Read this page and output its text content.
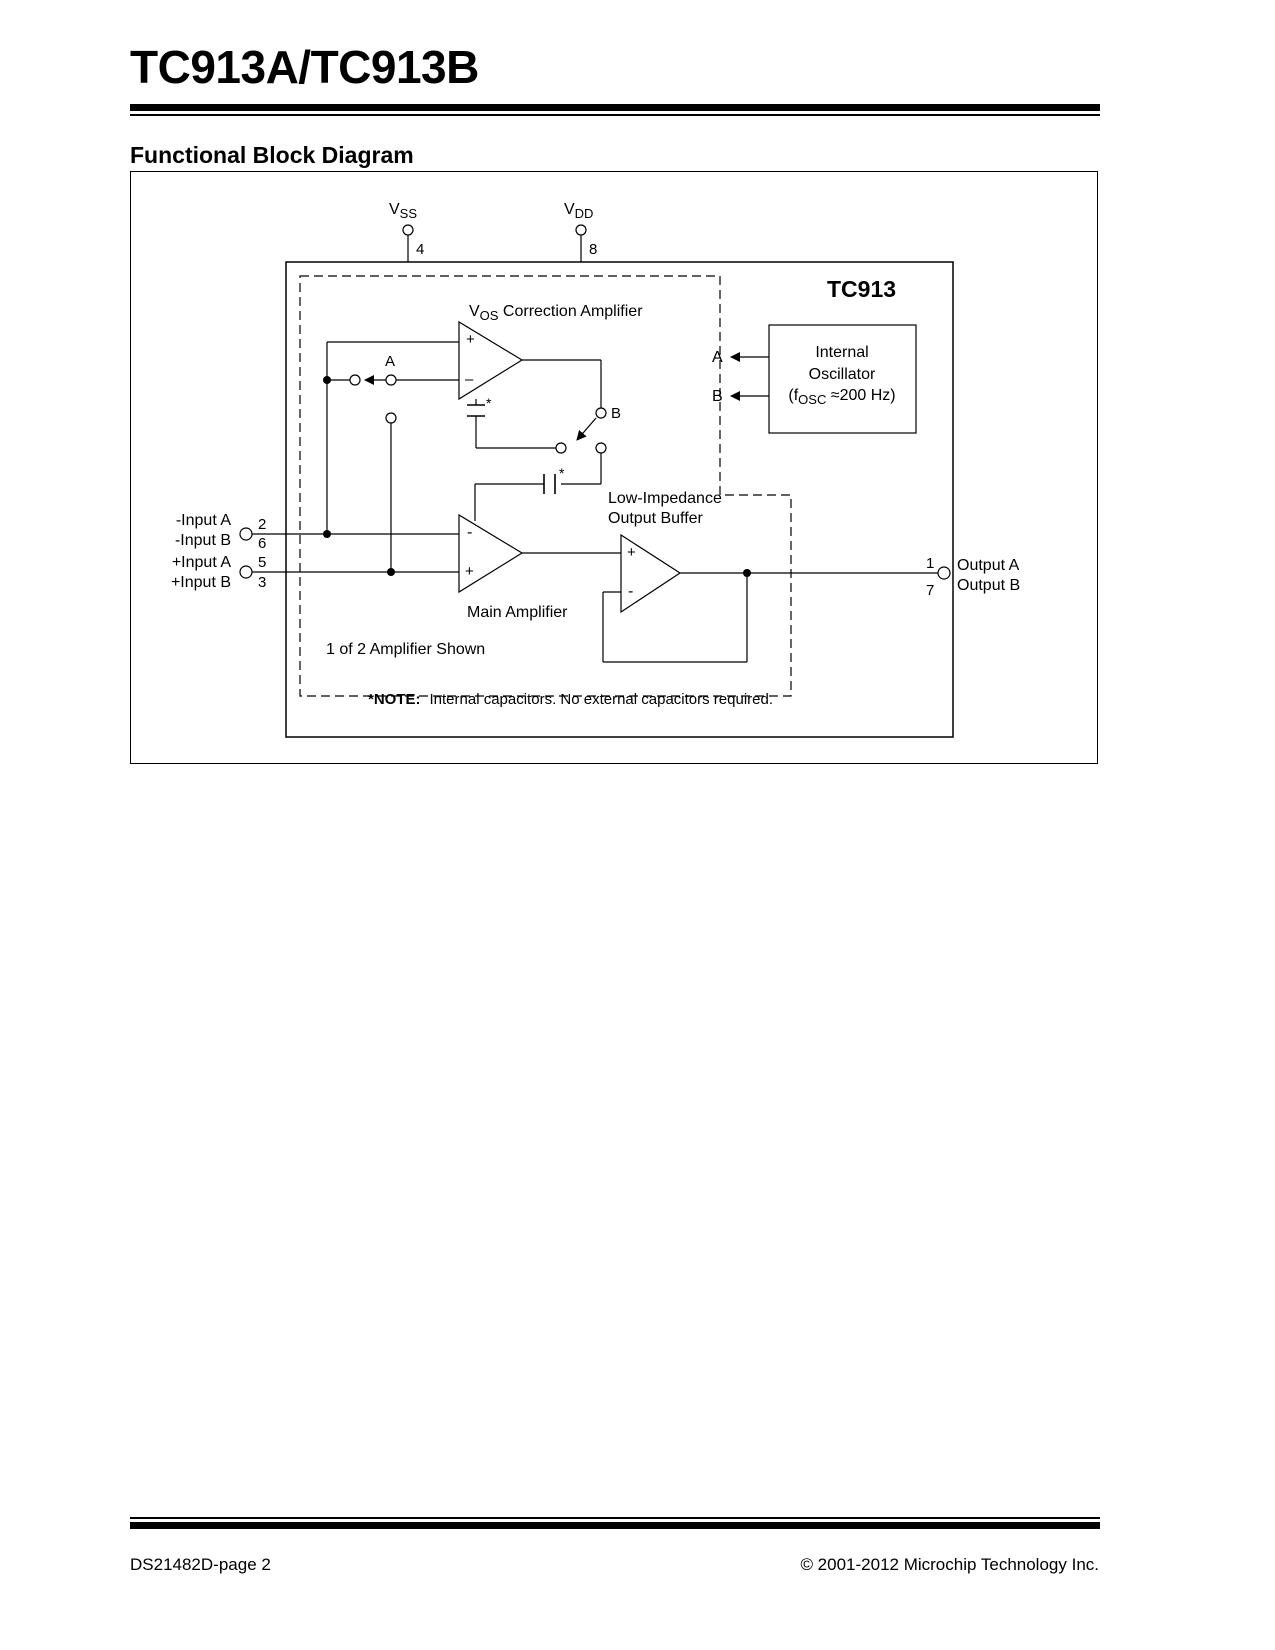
TC913A/TC913B
Functional Block Diagram
TC913
$V_{SS}$
4
$V_{DD}$
8
$V_{OS}$ Correction Amplifier
+
–
A
B
*
*
Internal
Oscillator
($f_{OSC} \approx 200$ Hz)
A
B
-
+
Main Amplifier
-Input A
-Input B
+Input A
+Input B
2
6
5
3
Low-Impedance
Output Buffer
+
-
1
7
Output A
Output B
1 of 2 Amplifier Shown
*NOTE: Internal capacitors. No external capacitors required.
DS21482D-page 2	© 2001-2012 Microchip Technology Inc.
